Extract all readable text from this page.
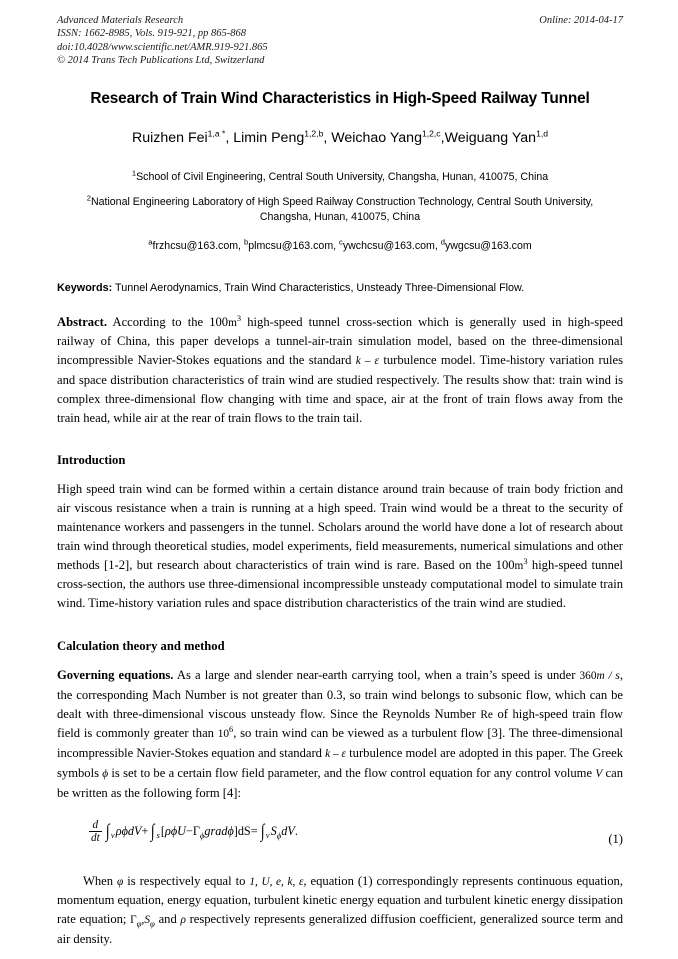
Advanced Materials Research
ISSN: 1662-8985, Vols. 919-921, pp 865-868
doi:10.4028/www.scientific.net/AMR.919-921.865
© 2014 Trans Tech Publications Ltd, Switzerland
Online: 2014-04-17
Research of Train Wind Characteristics in High-Speed Railway Tunnel
Ruizhen Fei$^{1,a *}$, Limin Peng$^{1,2,b}$, Weichao Yang$^{1,2,c}$,Weiguang Yan$^{1,d}$
$^1$School of Civil Engineering, Central South University, Changsha, Hunan, 410075, China
$^2$National Engineering Laboratory of High Speed Railway Construction Technology, Central South University, Changsha, Hunan, 410075, China
$^a$frzhcsu@163.com, $^b$plmcsu@163.com, $^c$ywchcsu@163.com, $^d$ywgcsu@163.com
Keywords: Tunnel Aerodynamics, Train Wind Characteristics, Unsteady Three-Dimensional Flow.
Abstract. According to the $100m^3$ high-speed tunnel cross-section which is generally used in high-speed railway of China, this paper develops a tunnel-air-train simulation model, based on the three-dimensional incompressible Navier-Stokes equations and the standard k – ε turbulence model. Time-history variation rules and space distribution characteristics of train wind are studied respectively. The results show that: train wind is complex three-dimensional flow changing with time and space, air at the front of train flows away from the train head, while air at the rear of train flows to the train tail.
Introduction
High speed train wind can be formed within a certain distance around train because of train body friction and air viscous resistance when a train is running at a high speed. Train wind would be a threat to the security of maintenance workers and passengers in the tunnel. Scholars around the world have done a lot of research about train wind through theoretical studies, model experiments, field measurements, numerical simulations and other methods [1-2], but research about characteristics of train wind is rare. Based on the $100m^3$ high-speed tunnel cross-section, the authors use three-dimensional incompressible unsteady computational model to simulate train wind. Time-history variation rules and space distribution characteristics of the train wind are studied.
Calculation theory and method
Governing equations. As a large and slender near-earth carrying tool, when a train’s speed is under 360m / s, the corresponding Mach Number is not greater than 0.3, so train wind belongs to subsonic flow, which can be dealt with three-dimensional viscous unsteady flow. Since the Reynolds Number Re of high-speed train flow field is commonly greater than $10^6$, so train wind can be viewed as a turbulent flow [3]. The three-dimensional incompressible Navier-Stokes equation and standard k – ε turbulence model are adopted in this paper. The Greek symbols ϕ is set to be a certain flow field parameter, and the flow control equation for any control volume V can be written as the following form [4]:
$\frac{d}{dt}$ ∫ $_v$ρϕdV+ ∫ $_s[\rho\phi U-\Gamma_\phi grad\phi]dS=$ ∫ $_vS_\phi dV$.
(1)
When φ is respectively equal to 1, U, e, k, ε, equation (1) correspondingly represents continuous equation, momentum equation, energy equation, turbulent kinetic energy equation and turbulent kinetic energy dissipation rate equation; $\Gamma_\varphi,S_\varphi$ and ρ respectively represents generalized diffusion coefficient, generalized source term and air density.
